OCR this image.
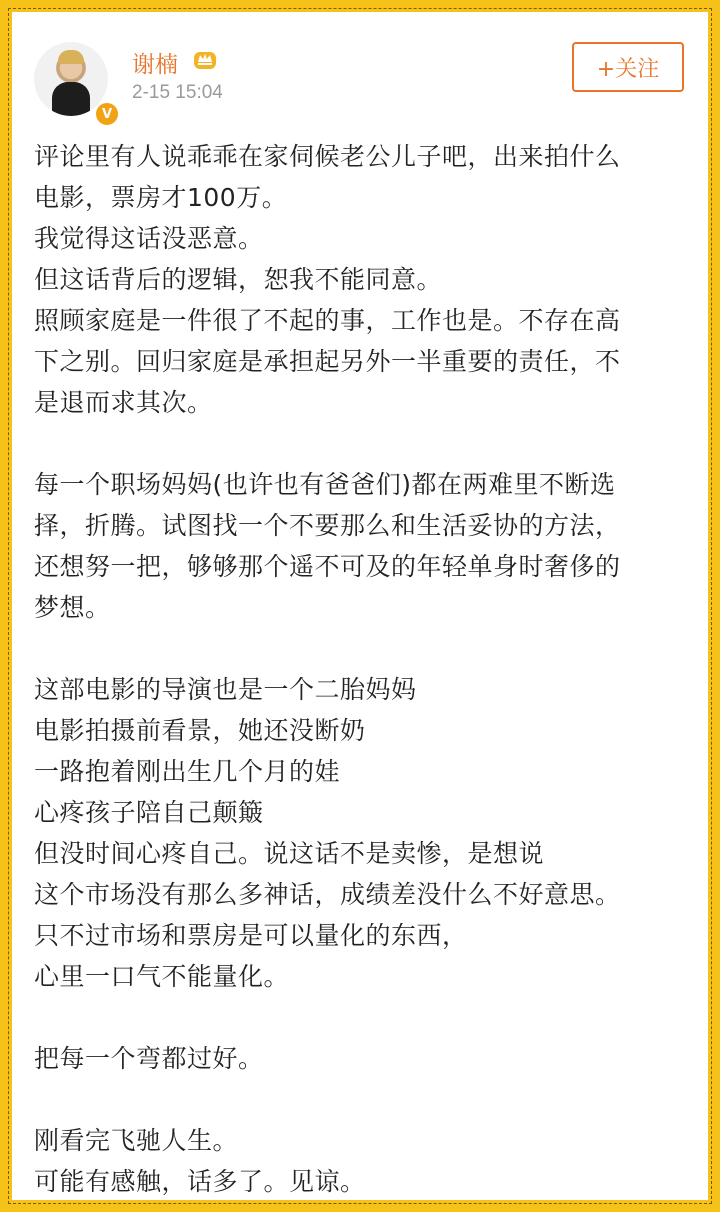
V
谢楠
2-15 15:04
+关注
评论里有人说乖乖在家伺候老公儿子吧，出来拍什么
电影，票房才100万。
我觉得这话没恶意。
但这话背后的逻辑，恕我不能同意。
照顾家庭是一件很了不起的事，工作也是。不存在高
下之别。回归家庭是承担起另外一半重要的责任，不
是退而求其次。
每一个职场妈妈(也许也有爸爸们)都在两难里不断选
择，折腾。试图找一个不要那么和生活妥协的方法，
还想努一把，够够那个遥不可及的年轻单身时奢侈的
梦想。
这部电影的导演也是一个二胎妈妈
电影拍摄前看景，她还没断奶
一路抱着刚出生几个月的娃
心疼孩子陪自己颠簸
但没时间心疼自己。说这话不是卖惨，是想说
这个市场没有那么多神话，成绩差没什么不好意思。
只不过市场和票房是可以量化的东西，
心里一口气不能量化。
把每一个弯都过好。
刚看完飞驰人生。
可能有感触，话多了。见谅。
